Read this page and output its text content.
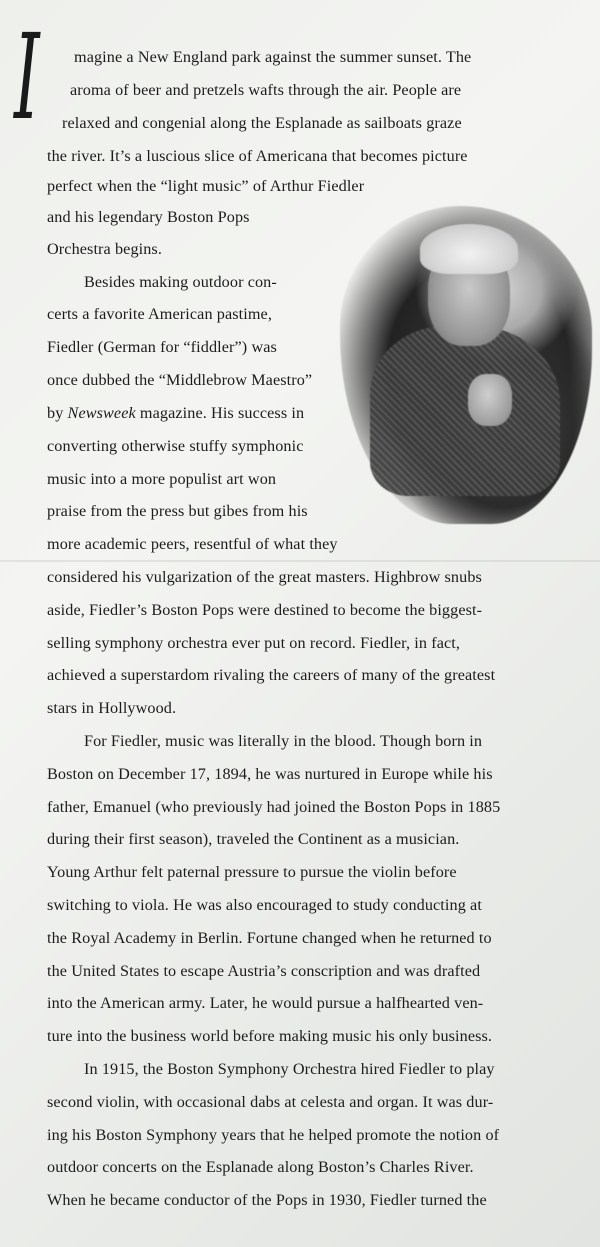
I magine a New England park against the summer sunset. The
aroma of beer and pretzels wafts through the air. People are
relaxed and congenial along the Esplanade as sailboats graze
the river. It’s a luscious slice of Americana that becomes picture
perfect when the “light music” of Arthur Fiedler
and his legendary Boston Pops
Orchestra begins.
Besides making outdoor con-
certs a favorite American pastime,
Fiedler (German for “fiddler”) was
once dubbed the “Middlebrow Maestro”
by Newsweek magazine. His success in
converting otherwise stuffy symphonic
music into a more populist art won
praise from the press but gibes from his
more academic peers, resentful of what they
considered his vulgarization of the great masters. Highbrow snubs
aside, Fiedler’s Boston Pops were destined to become the biggest-
selling symphony orchestra ever put on record. Fiedler, in fact,
achieved a superstardom rivaling the careers of many of the greatest
stars in Hollywood.
For Fiedler, music was literally in the blood. Though born in
Boston on December 17, 1894, he was nurtured in Europe while his
father, Emanuel (who previously had joined the Boston Pops in 1885
during their first season), traveled the Continent as a musician.
Young Arthur felt paternal pressure to pursue the violin before
switching to viola. He was also encouraged to study conducting at
the Royal Academy in Berlin. Fortune changed when he returned to
the United States to escape Austria’s conscription and was drafted
into the American army. Later, he would pursue a halfhearted ven-
ture into the business world before making music his only business.
In 1915, the Boston Symphony Orchestra hired Fiedler to play
second violin, with occasional dabs at celesta and organ. It was dur-
ing his Boston Symphony years that he helped promote the notion of
outdoor concerts on the Esplanade along Boston’s Charles River.
When he became conductor of the Pops in 1930, Fiedler turned the
